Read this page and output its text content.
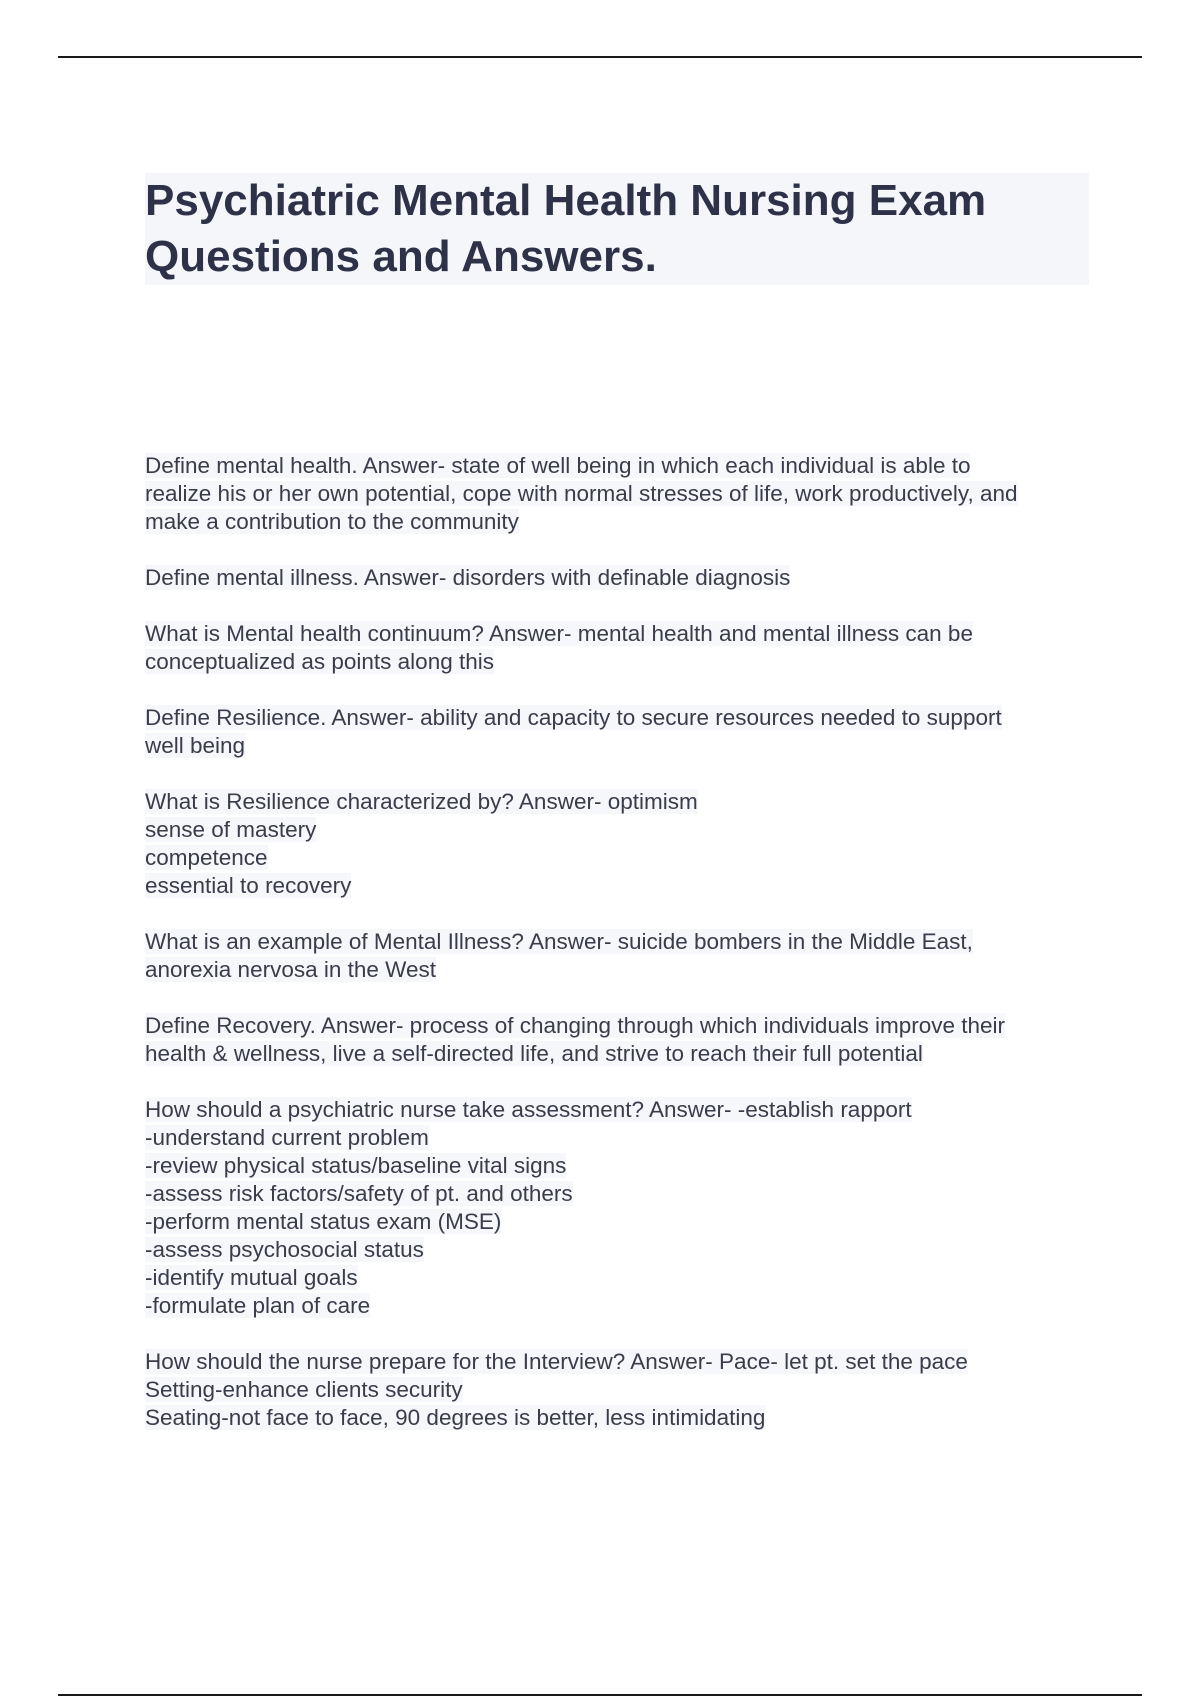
Psychiatric Mental Health Nursing Exam
Questions and Answers.
Define mental health. Answer- state of well being in which each individual is able to
realize his or her own potential, cope with normal stresses of life, work productively, and
make a contribution to the community
Define mental illness. Answer- disorders with definable diagnosis
What is Mental health continuum? Answer- mental health and mental illness can be
conceptualized as points along this
Define Resilience. Answer- ability and capacity to secure resources needed to support
well being
What is Resilience characterized by? Answer- optimism
sense of mastery
competence
essential to recovery
What is an example of Mental Illness? Answer- suicide bombers in the Middle East,
anorexia nervosa in the West
Define Recovery. Answer- process of changing through which individuals improve their
health & wellness, live a self-directed life, and strive to reach their full potential
How should a psychiatric nurse take assessment? Answer- -establish rapport
-understand current problem
-review physical status/baseline vital signs
-assess risk factors/safety of pt. and others
-perform mental status exam (MSE)
-assess psychosocial status
-identify mutual goals
-formulate plan of care
How should the nurse prepare for the Interview? Answer- Pace- let pt. set the pace
Setting-enhance clients security
Seating-not face to face, 90 degrees is better, less intimidating
